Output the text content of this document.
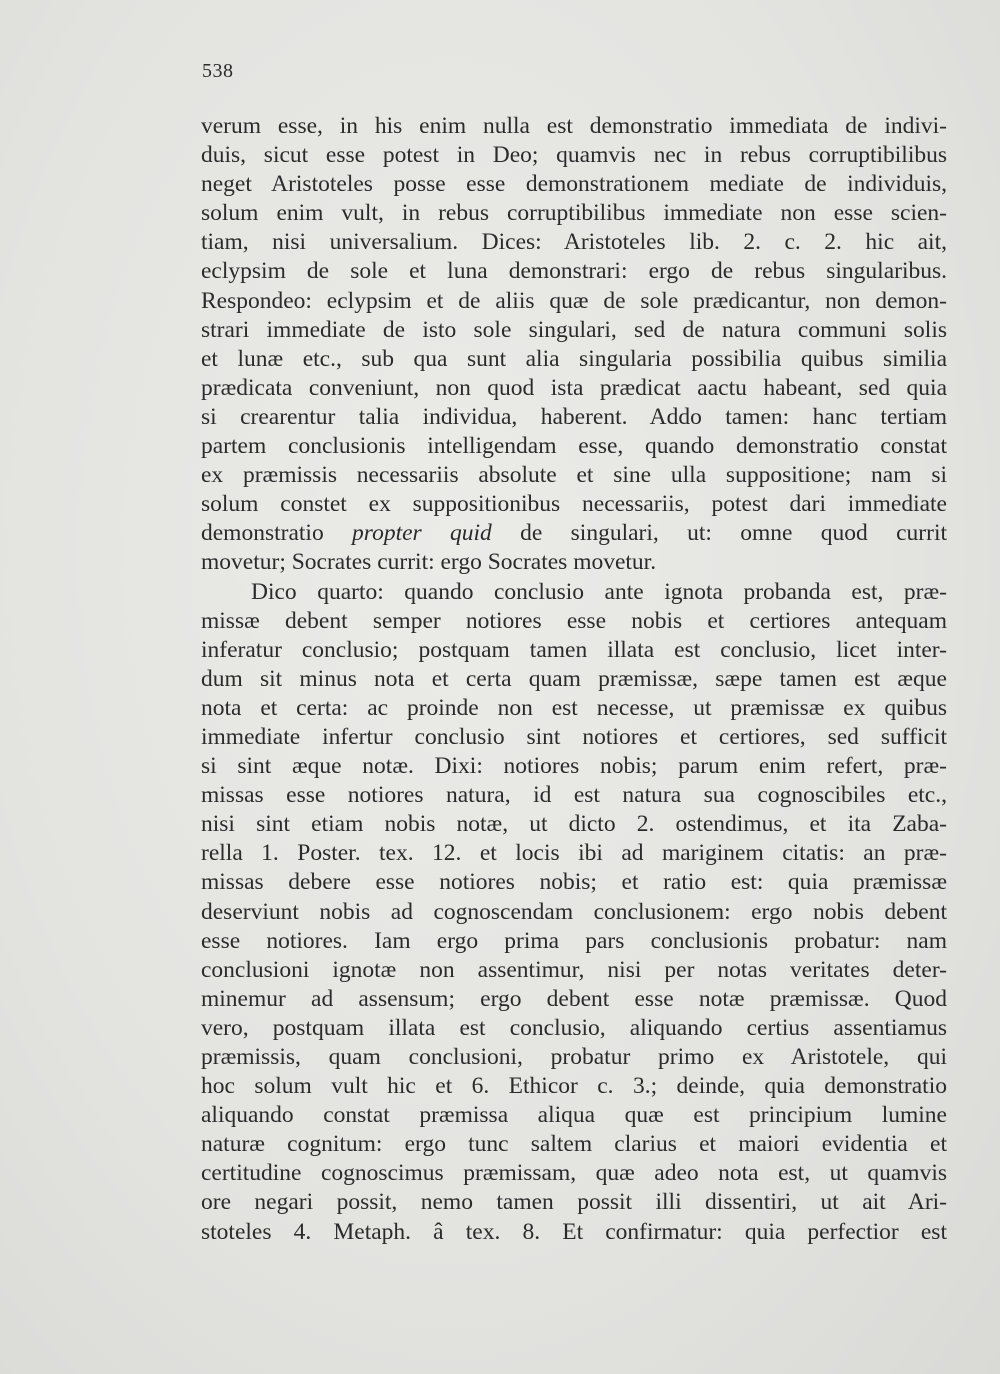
538
verum esse, in his enim nulla est demonstratio immediata de indivi-
duis, sicut esse potest in Deo; quamvis nec in rebus corruptibilibus
neget Aristoteles posse esse demonstrationem mediate de individuis,
solum enim vult, in rebus corruptibilibus immediate non esse scien-
tiam, nisi universalium. Dices: Aristoteles lib. 2. c. 2. hic ait,
eclypsim de sole et luna demonstrari: ergo de rebus singularibus.
Respondeo: eclypsim et de aliis quæ de sole prædicantur, non demon-
strari immediate de isto sole singulari, sed de natura communi solis
et lunæ etc., sub qua sunt alia singularia possibilia quibus similia
prædicata conveniunt, non quod ista prædicat aactu habeant, sed quia
si crearentur talia individua, haberent. Addo tamen: hanc tertiam
partem conclusionis intelligendam esse, quando demonstratio constat
ex præmissis necessariis absolute et sine ulla suppositione; nam si
solum constet ex suppositionibus necessariis, potest dari immediate
demonstratio propter quid de singulari, ut: omne quod currit
movetur; Socrates currit: ergo Socrates movetur.
Dico quarto: quando conclusio ante ignota probanda est, præ-
missæ debent semper notiores esse nobis et certiores antequam
inferatur conclusio; postquam tamen illata est conclusio, licet inter-
dum sit minus nota et certa quam præmissæ, sæpe tamen est æque
nota et certa: ac proinde non est necesse, ut præmissæ ex quibus
immediate infertur conclusio sint notiores et certiores, sed sufficit
si sint æque notæ. Dixi: notiores nobis; parum enim refert, præ-
missas esse notiores natura, id est natura sua cognoscibiles etc.,
nisi sint etiam nobis notæ, ut dicto 2. ostendimus, et ita Zaba-
rella 1. Poster. tex. 12. et locis ibi ad mariginem citatis: an præ-
missas debere esse notiores nobis; et ratio est: quia præmissæ
deserviunt nobis ad cognoscendam conclusionem: ergo nobis debent
esse notiores. Iam ergo prima pars conclusionis probatur: nam
conclusioni ignotæ non assentimur, nisi per notas veritates deter-
minemur ad assensum; ergo debent esse notæ præmissæ. Quod
vero, postquam illata est conclusio, aliquando certius assentiamus
præmissis, quam conclusioni, probatur primo ex Aristotele, qui
hoc solum vult hic et 6. Ethicor c. 3.; deinde, quia demonstratio
aliquando constat præmissa aliqua quæ est principium lumine
naturæ cognitum: ergo tunc saltem clarius et maiori evidentia et
certitudine cognoscimus præmissam, quæ adeo nota est, ut quamvis
ore negari possit, nemo tamen possit illi dissentiri, ut ait Ari-
stoteles 4. Metaph. â tex. 8. Et confirmatur: quia perfectior est
